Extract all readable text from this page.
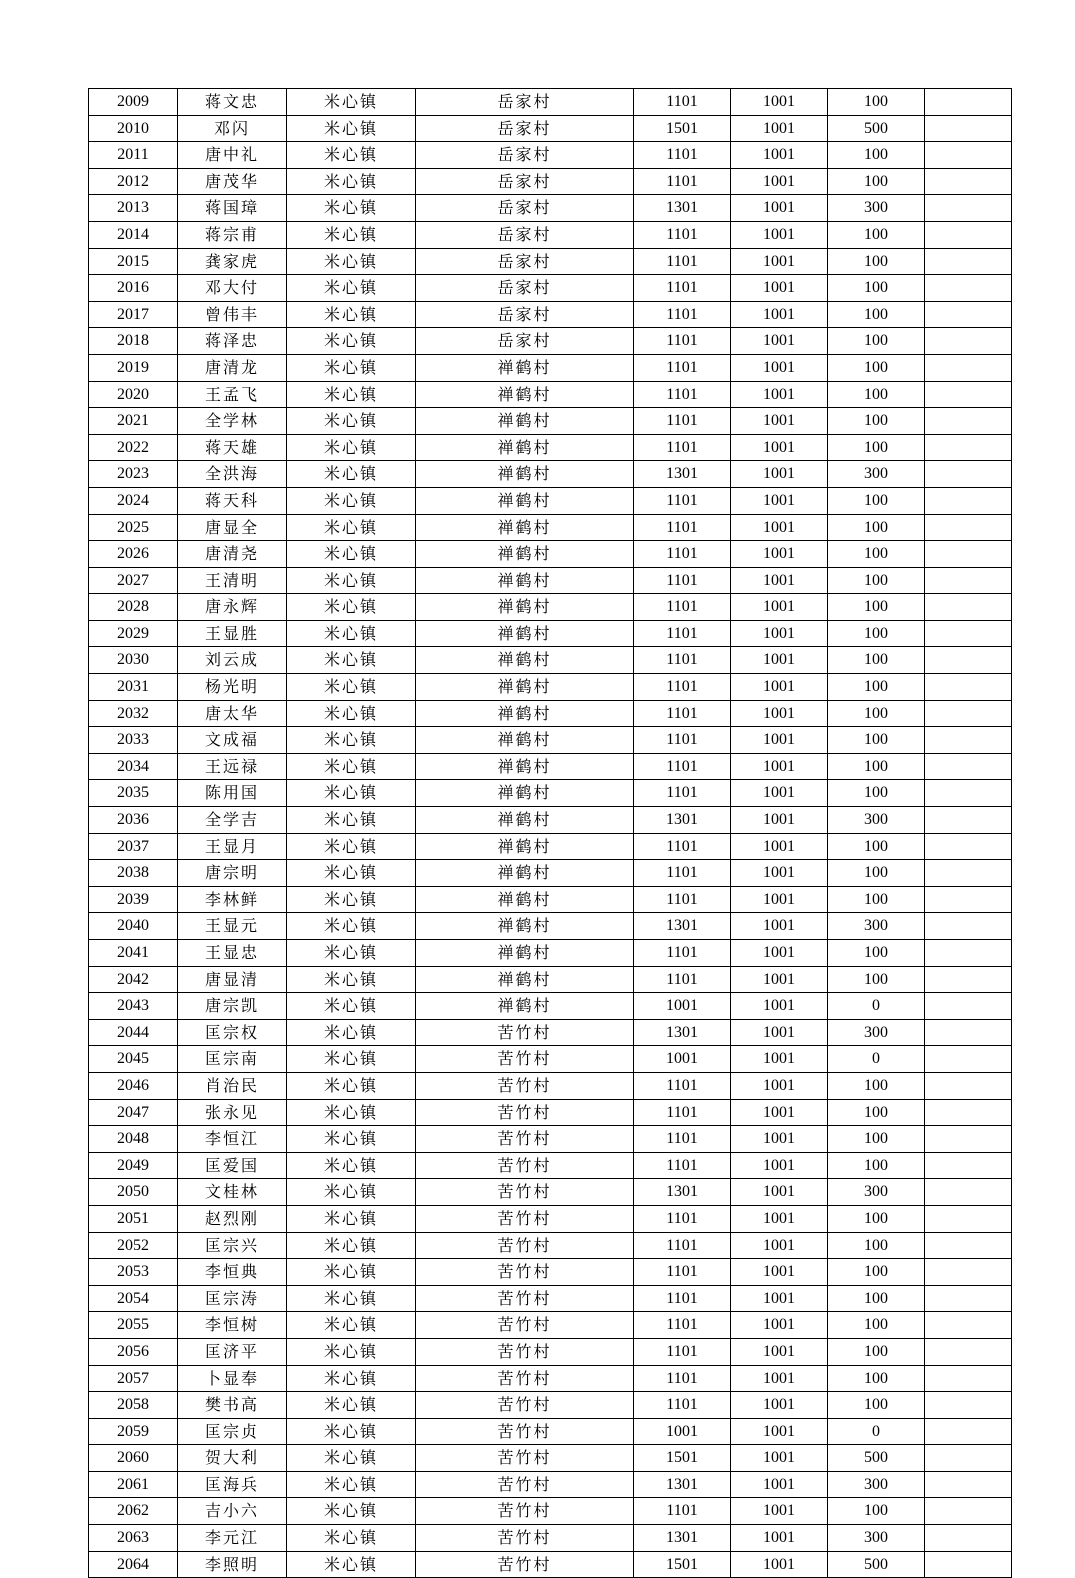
2009	蒋文忠	米心镇	岳家村	1101	1001	100	
2010	邓闪	米心镇	岳家村	1501	1001	500	
2011	唐中礼	米心镇	岳家村	1101	1001	100	
2012	唐茂华	米心镇	岳家村	1101	1001	100	
2013	蒋国璋	米心镇	岳家村	1301	1001	300	
2014	蒋宗甫	米心镇	岳家村	1101	1001	100	
2015	龚家虎	米心镇	岳家村	1101	1001	100	
2016	邓大付	米心镇	岳家村	1101	1001	100	
2017	曾伟丰	米心镇	岳家村	1101	1001	100	
2018	蒋泽忠	米心镇	岳家村	1101	1001	100	
2019	唐清龙	米心镇	禅鹤村	1101	1001	100	
2020	王孟飞	米心镇	禅鹤村	1101	1001	100	
2021	全学林	米心镇	禅鹤村	1101	1001	100	
2022	蒋天雄	米心镇	禅鹤村	1101	1001	100	
2023	全洪海	米心镇	禅鹤村	1301	1001	300	
2024	蒋天科	米心镇	禅鹤村	1101	1001	100	
2025	唐显全	米心镇	禅鹤村	1101	1001	100	
2026	唐清尧	米心镇	禅鹤村	1101	1001	100	
2027	王清明	米心镇	禅鹤村	1101	1001	100	
2028	唐永辉	米心镇	禅鹤村	1101	1001	100	
2029	王显胜	米心镇	禅鹤村	1101	1001	100	
2030	刘云成	米心镇	禅鹤村	1101	1001	100	
2031	杨光明	米心镇	禅鹤村	1101	1001	100	
2032	唐太华	米心镇	禅鹤村	1101	1001	100	
2033	文成福	米心镇	禅鹤村	1101	1001	100	
2034	王远禄	米心镇	禅鹤村	1101	1001	100	
2035	陈用国	米心镇	禅鹤村	1101	1001	100	
2036	全学吉	米心镇	禅鹤村	1301	1001	300	
2037	王显月	米心镇	禅鹤村	1101	1001	100	
2038	唐宗明	米心镇	禅鹤村	1101	1001	100	
2039	李林鲜	米心镇	禅鹤村	1101	1001	100	
2040	王显元	米心镇	禅鹤村	1301	1001	300	
2041	王显忠	米心镇	禅鹤村	1101	1001	100	
2042	唐显清	米心镇	禅鹤村	1101	1001	100	
2043	唐宗凯	米心镇	禅鹤村	1001	1001	0	
2044	匡宗权	米心镇	苦竹村	1301	1001	300	
2045	匡宗南	米心镇	苦竹村	1001	1001	0	
2046	肖治民	米心镇	苦竹村	1101	1001	100	
2047	张永见	米心镇	苦竹村	1101	1001	100	
2048	李恒江	米心镇	苦竹村	1101	1001	100	
2049	匡爱国	米心镇	苦竹村	1101	1001	100	
2050	文桂林	米心镇	苦竹村	1301	1001	300	
2051	赵烈刚	米心镇	苦竹村	1101	1001	100	
2052	匡宗兴	米心镇	苦竹村	1101	1001	100	
2053	李恒典	米心镇	苦竹村	1101	1001	100	
2054	匡宗涛	米心镇	苦竹村	1101	1001	100	
2055	李恒树	米心镇	苦竹村	1101	1001	100	
2056	匡济平	米心镇	苦竹村	1101	1001	100	
2057	卜显奉	米心镇	苦竹村	1101	1001	100	
2058	樊书高	米心镇	苦竹村	1101	1001	100	
2059	匡宗贞	米心镇	苦竹村	1001	1001	0	
2060	贺大利	米心镇	苦竹村	1501	1001	500	
2061	匡海兵	米心镇	苦竹村	1301	1001	300	
2062	吉小六	米心镇	苦竹村	1101	1001	100	
2063	李元江	米心镇	苦竹村	1301	1001	300	
2064	李照明	米心镇	苦竹村	1501	1001	500	
